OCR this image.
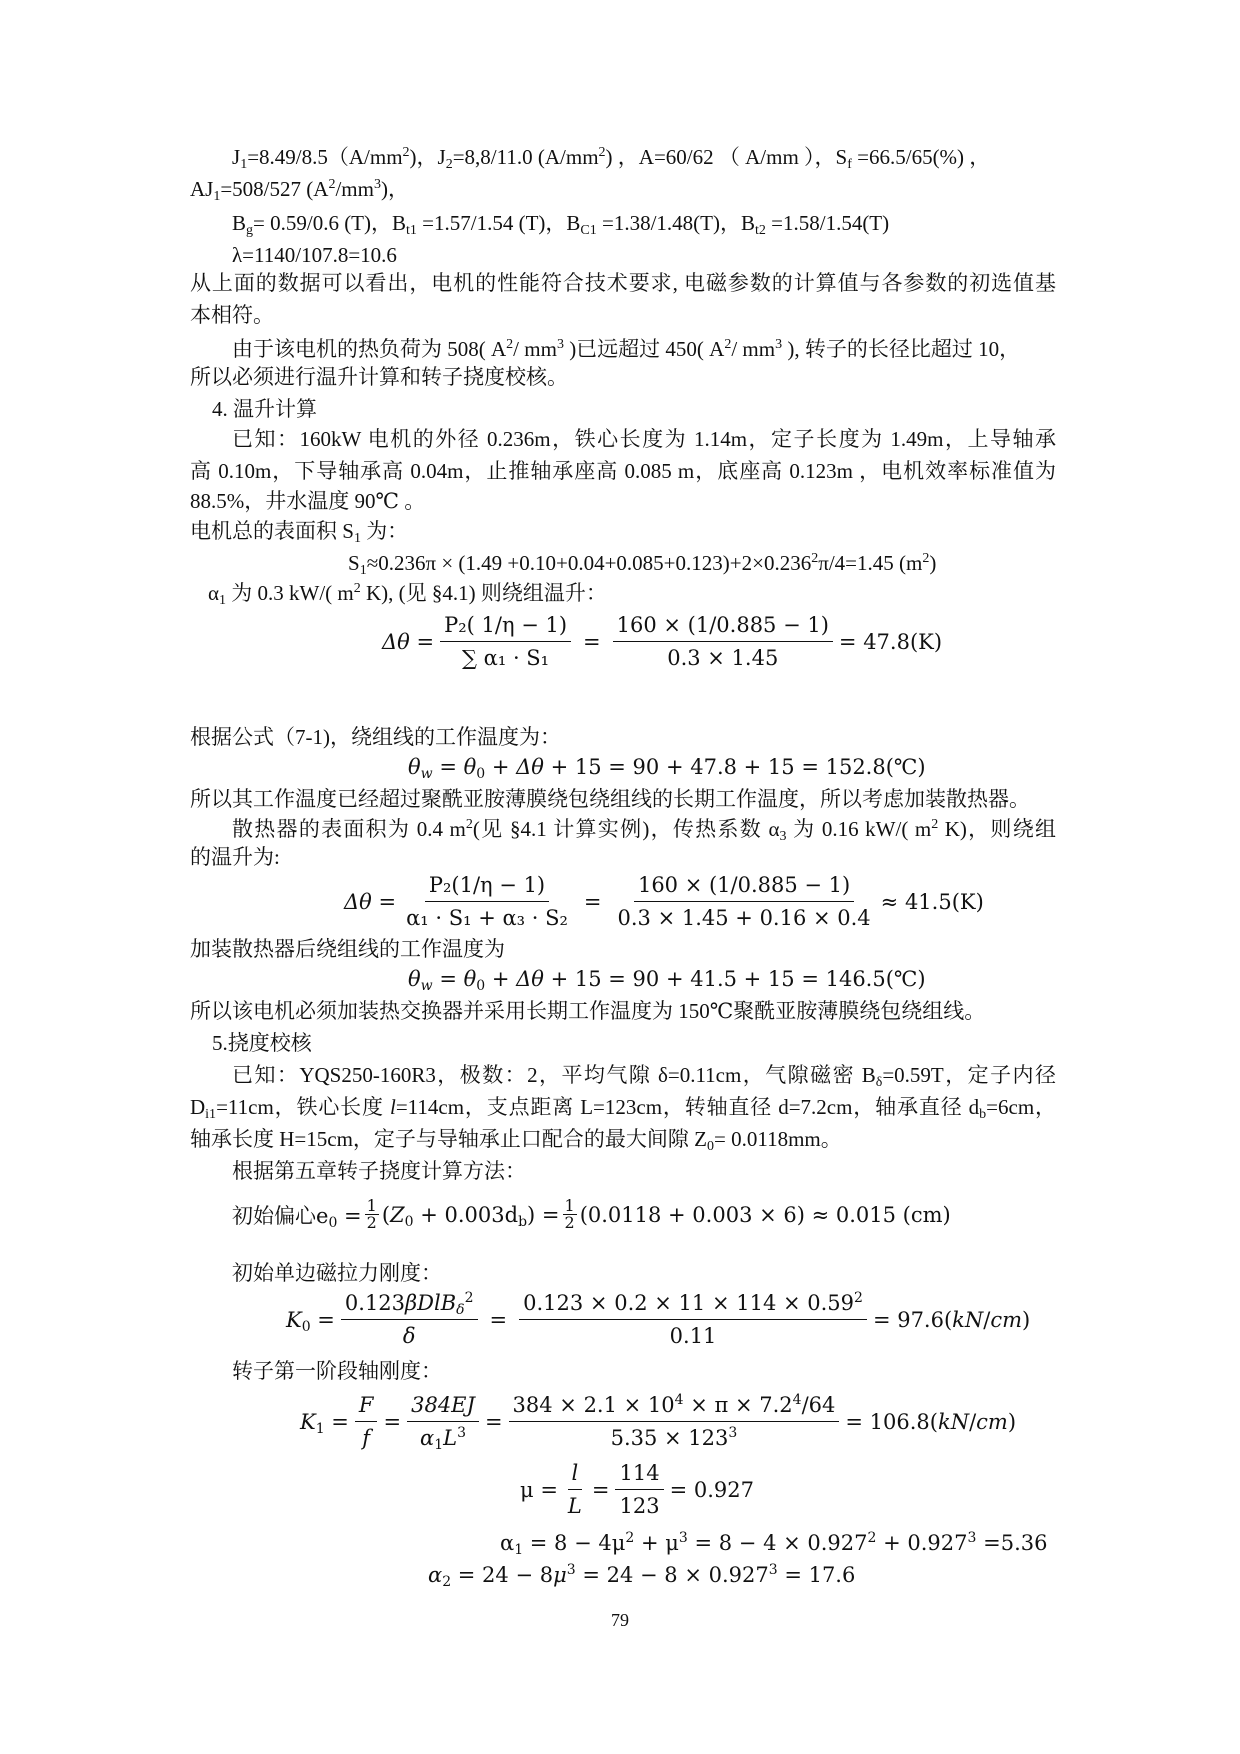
$J_1=8.49/8.5(A/mm^2)$，$J_2=8,8/11.0$ $(A/mm^2)$ ，A=60/62 （ A/mm ），$S_f =66.5/65(\%)$ ，
$AJ_1=508/527$ $(A^2/mm^3)$，
$B_g= 0.59/0.6$ (T)，$B_{t1} =1.57/1.54$ (T)，$B_{C1} =1.38/1.48(T)$，$B_{t2} =1.58/1.54(T)$
λ=1140/107.8=10.6
从上面的数据可以看出，电机的性能符合技术要求, 电磁参数的计算值与各参数的初选值基
本相符。
由于该电机的热负荷为 508( $A^2/$ $mm^3$ )已远超过 450( $A^2/$ $mm^3$ ), 转子的长径比超过 10，
所以必须进行温升计算和转子挠度校核。
4. 温升计算
已知：160kW 电机的外径 0.236m，铁心长度为 1.14m，定子长度为 1.49m，上导轴承
高 0.10m，下导轴承高 0.04m，止推轴承座高 0.085 m，底座高 0.123m ，电机效率标准值为
88.5%，井水温度 90℃ 。
电机总的表面积 $S_1$ 为：
$S_1\approx 0.236\pi \times (1.49 +0.10+0.04+0.085+0.123)+2\times 0.236^2\pi/4=1.45$ $(m^2)$
$\alpha_1$ 为 0.3 kW/( $m^2$ K), (见 §4.1) 则绕组温升：
$\Delta\theta = \frac{\text{P₂( 1/η − 1)}}{\text{∑ α₁ · S₁}} = \frac{160 \times (1/0.885 - 1)}{0.3 \times 1.45} = 47.8(K)$
根据公式（7-1)，绕组线的工作温度为：
$\theta_w = \theta_0 + \Delta\theta + 15 = 90 + 47.8 + 15$ = 152.8(℃)
所以其工作温度已经超过聚酰亚胺薄膜绕包绕组线的长期工作温度，所以考虑加装散热器。
散热器的表面积为 0.4 $m^2$(见 §4.1 计算实例)，传热系数 $\alpha_3$ 为 0.16 kW/( $m^2$ K)，则绕组
的温升为:
$\Delta\theta = \frac{\text{P₂(1/η − 1)}}{\text{α₁ · S₁ + α₃ · S₂}} = \frac{160 \times (1/0.885 - 1)}{0.3 \times 1.45 + 0.16 \times 0.4} \approx 41.5(K)$
加装散热器后绕组线的工作温度为
$\theta_w = \theta_0 + \Delta\theta + 15 = 90 + 41.5 + 15$ = 146.5(℃)
所以该电机必须加装热交换器并采用长期工作温度为 150℃聚酰亚胺薄膜绕包绕组线。
5.挠度校核
已知：YQS250-160R3，极数：2，平均气隙 δ=0.11cm，气隙磁密 $B_\delta=0.59T$，定子内径
$D_{i1}=11cm$，铁心长度 l=114cm，支点距离 L=123cm，转轴直径 d=7.2cm，轴承直径 $d_b=6cm$，
轴承长度 H=15cm，定子与导轴承止口配合的最大间隙 $Z_0= 0.0118mm$。
根据第五章转子挠度计算方法：
初始偏心$e_0 = \frac{1}{2} (Z_0 + 0.003d_b) = \frac{1}{2} (0.0118 + 0.003 \times 6) \approx 0.015$ (cm)
初始单边磁拉力刚度：
$K_0 = \frac{0.123\beta DlB_\delta^2}{\delta} = \frac{0.123 \times 0.2 \times 11 \times 114 \times 0.59^2}{0.11} = 97.6(kN/cm)$
转子第一阶段轴刚度：
$K_1 = \frac{F}{f} = \frac{384EJ}{\alpha_1L^3} = \frac{384 \times 2.1 \times 10^4 \times \pi \times 7.2^4/64}{5.35 \times 123^3} = 106.8(kN/cm)$
$\mu = \frac{l}{L} = \frac{114}{123} = 0.927$
$\alpha_1 = 8 - 4\mu^2 + \mu^3 = 8 - 4 \times 0.927^2 + 0.927^3 =5.36$
$\alpha_2 = 24 - 8\mu^3 = 24 - 8 \times 0.927^3 = 17.6$
79
